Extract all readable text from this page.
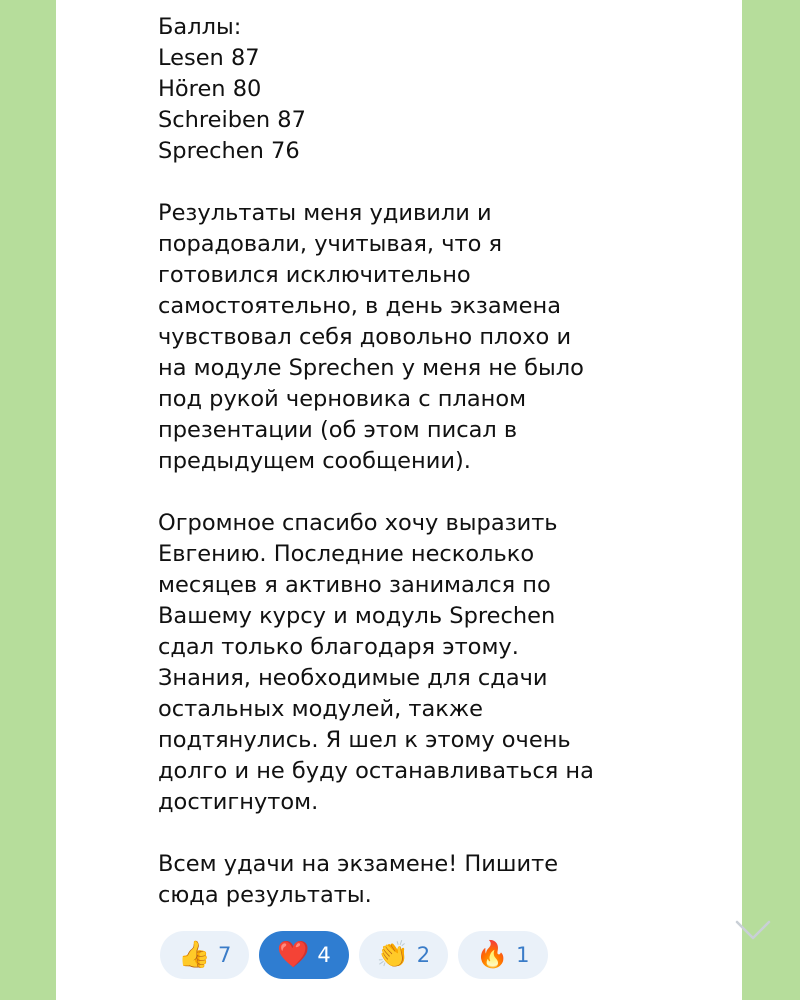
Баллы:
Lesen 87
Hören 80
Schreiben 87
Sprechen 76

Результаты меня удивили и
порадовали, учитывая, что я
готовился исключительно
самостоятельно, в день экзамена
чувствовал себя довольно плохо и
на модуле Sprechen у меня не было
под рукой черновика с планом
презентации (об этом писал в
предыдущем сообщении).

Огромное спасибо хочу выразить
Евгению. Последние несколько
месяцев я активно занимался по
Вашему курсу и модуль Sprechen
сдал только благодаря этому.
Знания, необходимые для сдачи
остальных модулей, также
подтянулись. Я шел к этому очень
долго и не буду останавливаться на
достигнутом.

Всем удачи на экзамене! Пишите
сюда результаты.

👍 7 ❤️ 4 👏 2 🔥 1
